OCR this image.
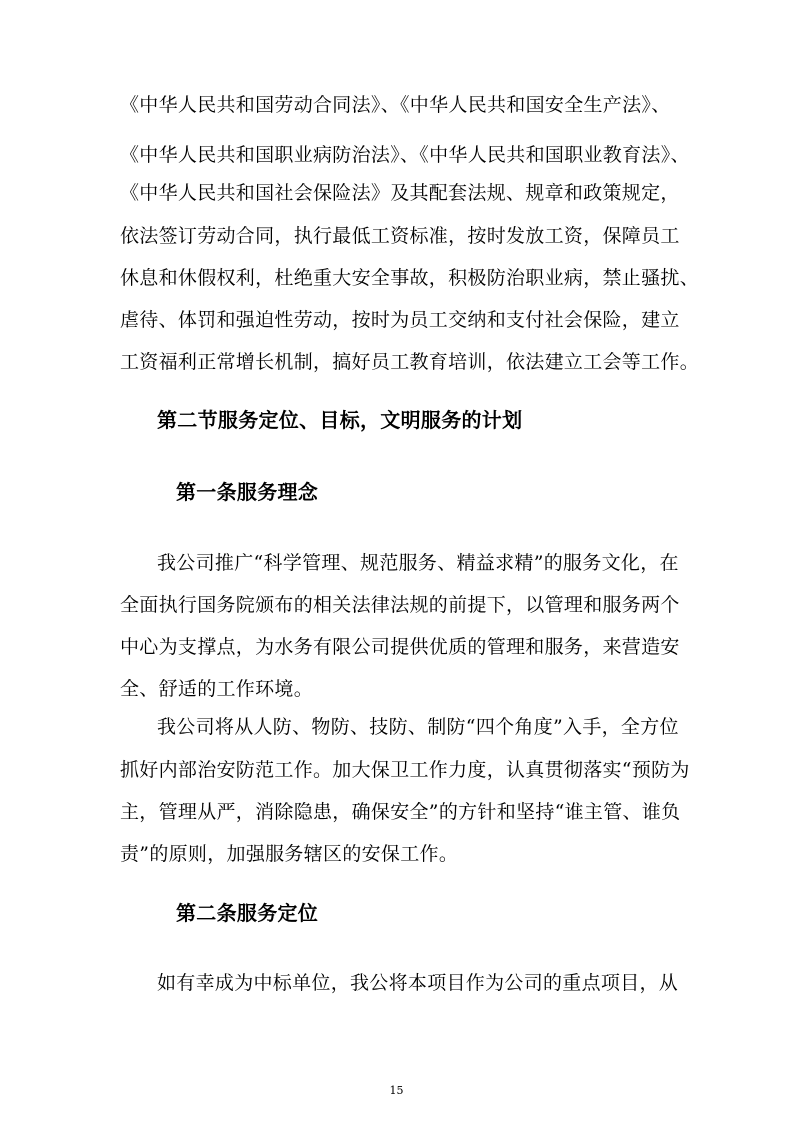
《中华人民共和国劳动合同法》、《中华人民共和国安全生产法》、
《中华人民共和国职业病防治法》、《中华人民共和国职业教育法》、
《中华人民共和国社会保险法》及其配套法规、规章和政策规定，
依法签订劳动合同，执行最低工资标准，按时发放工资，保障员工
休息和休假权利，杜绝重大安全事故，积极防治职业病，禁止骚扰、
虐待、体罚和强迫性劳动，按时为员工交纳和支付社会保险，建立
工资福利正常增长机制，搞好员工教育培训，依法建立工会等工作。
第二节服务定位、目标，文明服务的计划
第一条服务理念
我公司推广“科学管理、规范服务、精益求精”的服务文化，在
全面执行国务院颁布的相关法律法规的前提下，以管理和服务两个
中心为支撑点，为水务有限公司提供优质的管理和服务，来营造安
全、舒适的工作环境。
我公司将从人防、物防、技防、制防“四个角度”入手，全方位
抓好内部治安防范工作。加大保卫工作力度，认真贯彻落实“预防为
主，管理从严，消除隐患，确保安全”的方针和坚持“谁主管、谁负
责”的原则，加强服务辖区的安保工作。
第二条服务定位
如有幸成为中标单位，我公将本项目作为公司的重点项目，从
15
